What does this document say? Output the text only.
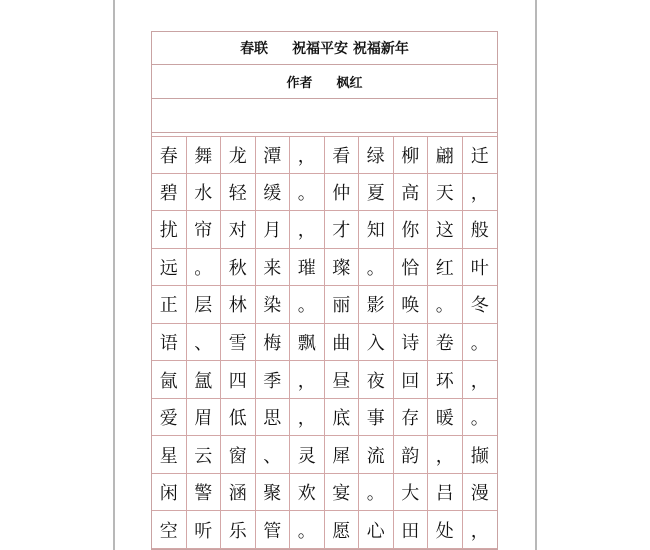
春联 祝福平安 祝福新年
作者 枫红
春 舞 龙 潭 ， 看 绿 柳 翩 迁
碧 水 轻 缓 。 仲 夏 高 天 ，
扰 帘 对 月 ， 才 知 你 这 般
远 。 秋 来 璀 璨 。 恰 红 叶
正 层 林 染 。 丽 影 唤 。 冬
语 、 雪 梅 飘 曲 入 诗 卷 。
氤 氲 四 季 ， 昼 夜 回 环 ，
爱 眉 低 思 ， 底 事 存 暖 。
星 云 窗 、 灵 犀 流 韵 ， 撷
闲 警 涵 聚 欢 宴 。 大 吕 漫
空 听 乐 管 。 愿 心 田 处 ，
